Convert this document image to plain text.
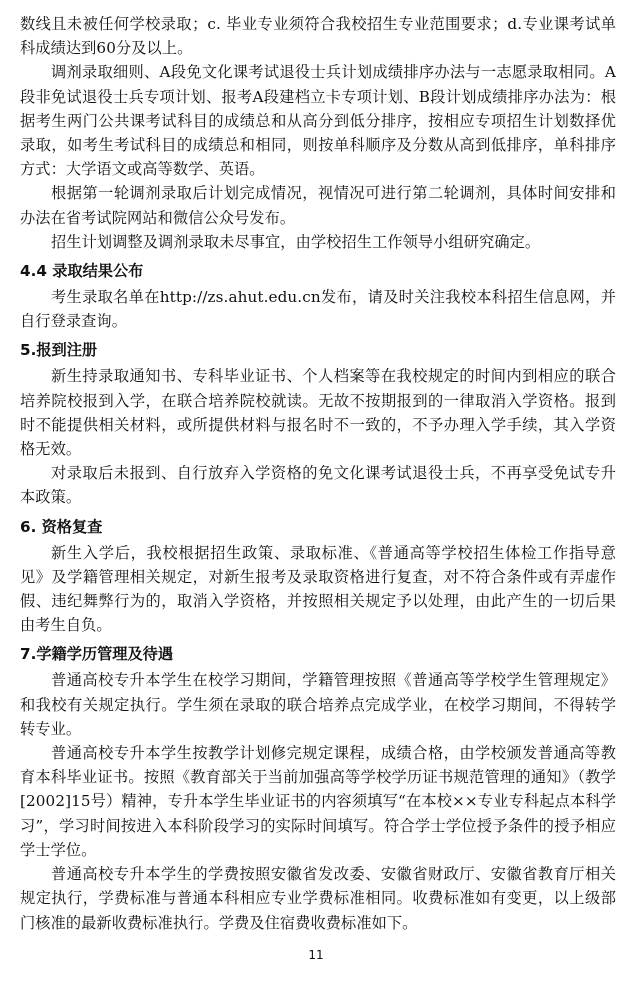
数线且未被任何学校录取；c. 毕业专业须符合我校招生专业范围要求；d.专业课考试单科成绩达到60分及以上。

调剂录取细则、A段免文化课考试退役士兵计划成绩排序办法与一志愿录取相同。A段非免试退役士兵专项计划、报考A段建档立卡专项计划、B段计划成绩排序办法为：根据考生两门公共课考试科目的成绩总和从高分到低分排序，按相应专项招生计划数择优录取，如考生考试科目的成绩总和相同，则按单科顺序及分数从高到低排序，单科排序方式：大学语文或高等数学、英语。

根据第一轮调剂录取后计划完成情况，视情况可进行第二轮调剂，具体时间安排和办法在省考试院网站和微信公众号发布。

招生计划调整及调剂录取未尽事宜，由学校招生工作领导小组研究确定。

4.4 录取结果公布

考生录取名单在http://zs.ahut.edu.cn发布，请及时关注我校本科招生信息网，并自行登录查询。

5.报到注册

新生持录取通知书、专科毕业证书、个人档案等在我校规定的时间内到相应的联合培养院校报到入学，在联合培养院校就读。无故不按期报到的一律取消入学资格。报到时不能提供相关材料，或所提供材料与报名时不一致的，不予办理入学手续，其入学资格无效。

对录取后未报到、自行放弃入学资格的免文化课考试退役士兵，不再享受免试专升本政策。

6. 资格复查

新生入学后，我校根据招生政策、录取标准、《普通高等学校招生体检工作指导意见》及学籍管理相关规定，对新生报考及录取资格进行复查，对不符合条件或有弄虚作假、违纪舞弊行为的，取消入学资格，并按照相关规定予以处理，由此产生的一切后果由考生自负。

7.学籍学历管理及待遇

普通高校专升本学生在校学习期间，学籍管理按照《普通高等学校学生管理规定》和我校有关规定执行。学生须在录取的联合培养点完成学业，在校学习期间，不得转学转专业。

普通高校专升本学生按教学计划修完规定课程，成绩合格，由学校颁发普通高等教育本科毕业证书。按照《教育部关于当前加强高等学校学历证书规范管理的通知》（教学[2002]15号）精神，专升本学生毕业证书的内容须填写“在本校××专业专科起点本科学习”，学习时间按进入本科阶段学习的实际时间填写。符合学士学位授予条件的授予相应学士学位。

普通高校专升本学生的学费按照安徽省发改委、安徽省财政厅、安徽省教育厅相关规定执行，学费标准与普通本科相应专业学费标准相同。收费标准如有变更，以上级部门核准的最新收费标准执行。学费及住宿费收费标准如下。

11
